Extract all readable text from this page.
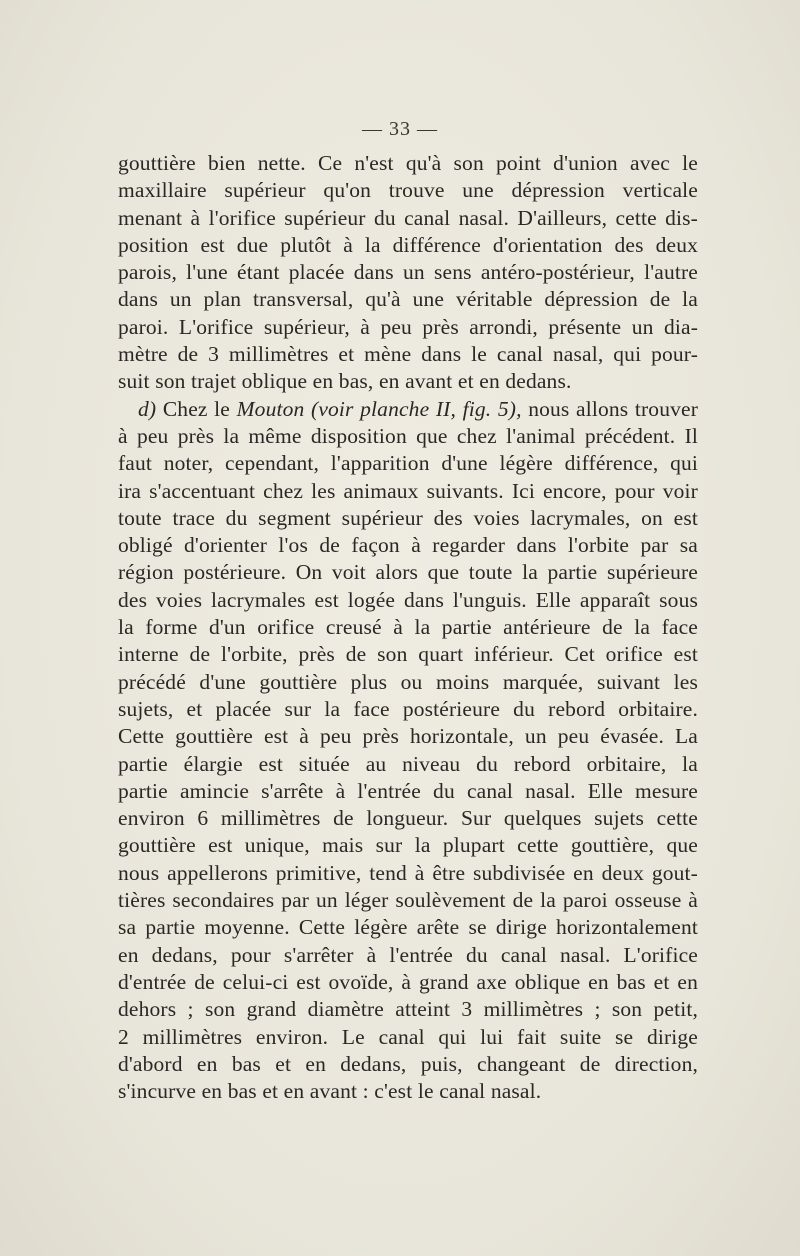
— 33 —
gouttière bien nette. Ce n'est qu'à son point d'union avec le
maxillaire supérieur qu'on trouve une dépression verticale
menant à l'orifice supérieur du canal nasal. D'ailleurs, cette dis-
position est due plutôt à la différence d'orientation des deux
parois, l'une étant placée dans un sens antéro-postérieur, l'autre
dans un plan transversal, qu'à une véritable dépression de la
paroi. L'orifice supérieur, à peu près arrondi, présente un dia-
mètre de 3 millimètres et mène dans le canal nasal, qui pour-
suit son trajet oblique en bas, en avant et en dedans.
d) Chez le Mouton (voir planche II, fig. 5), nous allons trouver
à peu près la même disposition que chez l'animal précédent. Il
faut noter, cependant, l'apparition d'une légère différence, qui
ira s'accentuant chez les animaux suivants. Ici encore, pour voir
toute trace du segment supérieur des voies lacrymales, on est
obligé d'orienter l'os de façon à regarder dans l'orbite par sa
région postérieure. On voit alors que toute la partie supérieure
des voies lacrymales est logée dans l'unguis. Elle apparaît sous
la forme d'un orifice creusé à la partie antérieure de la face
interne de l'orbite, près de son quart inférieur. Cet orifice est
précédé d'une gouttière plus ou moins marquée, suivant les
sujets, et placée sur la face postérieure du rebord orbitaire.
Cette gouttière est à peu près horizontale, un peu évasée. La
partie élargie est située au niveau du rebord orbitaire, la
partie amincie s'arrête à l'entrée du canal nasal. Elle mesure
environ 6 millimètres de longueur. Sur quelques sujets cette
gouttière est unique, mais sur la plupart cette gouttière, que
nous appellerons primitive, tend à être subdivisée en deux gout-
tières secondaires par un léger soulèvement de la paroi osseuse à
sa partie moyenne. Cette légère arête se dirige horizontalement
en dedans, pour s'arrêter à l'entrée du canal nasal. L'orifice
d'entrée de celui-ci est ovoïde, à grand axe oblique en bas et en
dehors ; son grand diamètre atteint 3 millimètres ; son petit,
2 millimètres environ. Le canal qui lui fait suite se dirige
d'abord en bas et en dedans, puis, changeant de direction,
s'incurve en bas et en avant : c'est le canal nasal.
